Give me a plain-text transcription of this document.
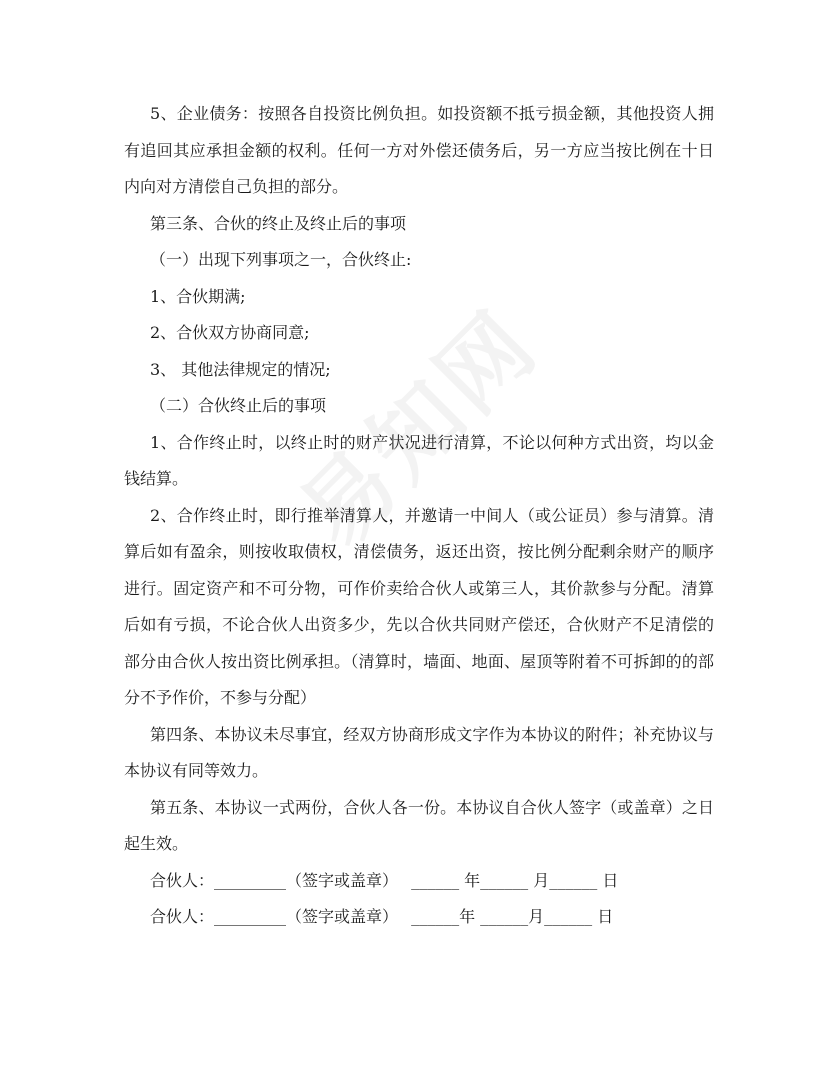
5、企业债务：按照各自投资比例负担。如投资额不抵亏损金额，其他投资人拥有追回其应承担金额的权利。任何一方对外偿还债务后，另一方应当按比例在十日内向对方清偿自己负担的部分。

第三条、合伙的终止及终止后的事项

（一）出现下列事项之一，合伙终止:

1、合伙期满;

2、合伙双方协商同意;

3、 其他法律规定的情况;

（二）合伙终止后的事项

1、合作终止时，以终止时的财产状况进行清算，不论以何种方式出资，均以金钱结算。

2、合作终止时，即行推举清算人，并邀请一中间人（或公证员）参与清算。清算后如有盈余，则按收取债权，清偿债务，返还出资，按比例分配剩余财产的顺序进行。固定资产和不可分物，可作价卖给合伙人或第三人，其价款参与分配。清算后如有亏损，不论合伙人出资多少，先以合伙共同财产偿还，合伙财产不足清偿的部分由合伙人按出资比例承担。（清算时，墙面、地面、屋顶等附着不可拆卸的的部分不予作价，不参与分配）

第四条、本协议未尽事宜，经双方协商形成文字作为本协议的附件；补充协议与本协议有同等效力。

第五条、本协议一式两份，合伙人各一份。本协议自合伙人签字（或盖章）之日起生效。

合伙人：_________（签字或盖章）　 ______ 年______ 月______ 日

合伙人：_________（签字或盖章）　 ______年 ______月______ 日
